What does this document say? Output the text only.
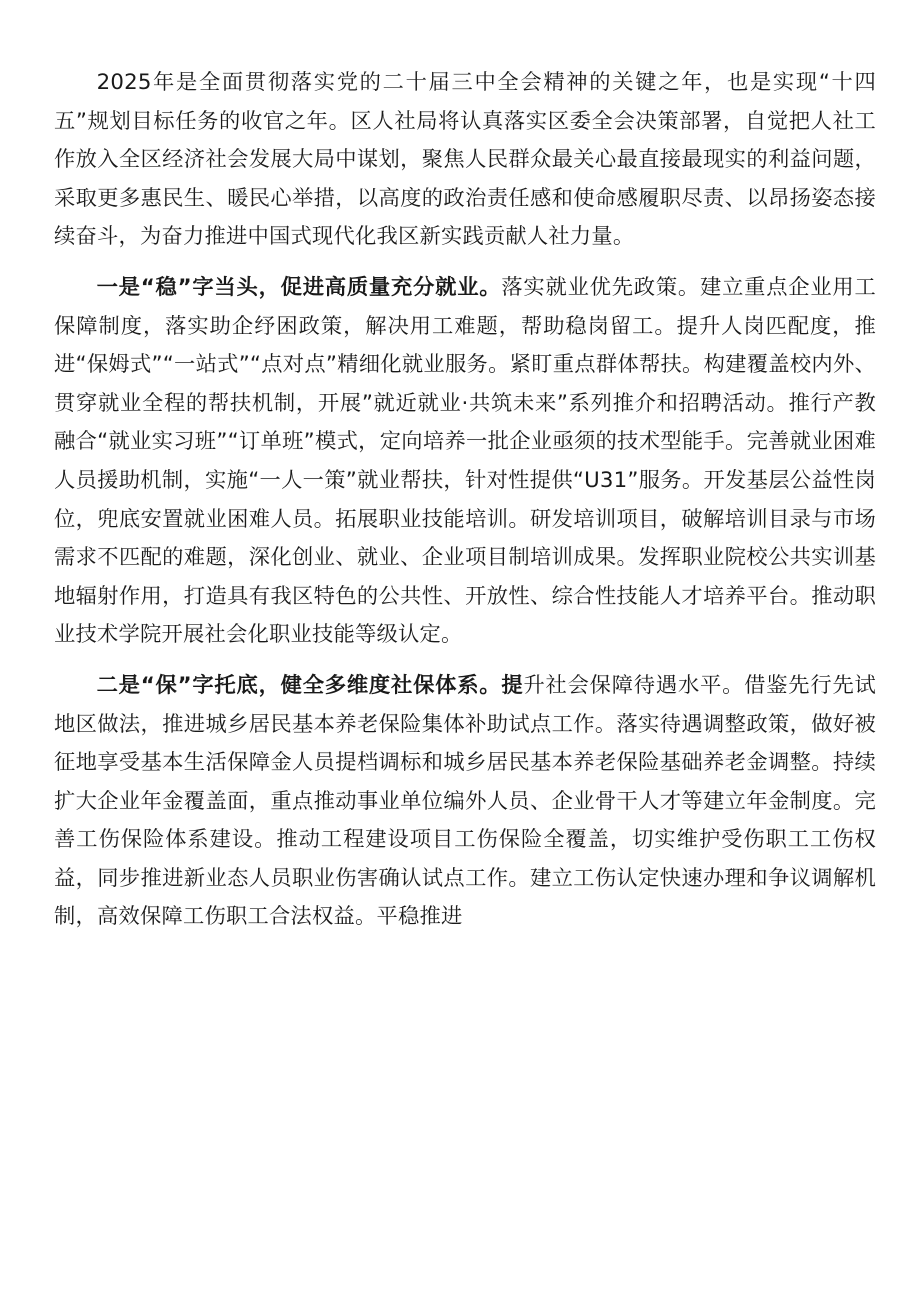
2025年是全面贯彻落实党的二十届三中全会精神的关键之年，也是实现“十四五”规划目标任务的收官之年。区人社局将认真落实区委全会决策部署，自觉把人社工作放入全区经济社会发展大局中谋划，聚焦人民群众最关心最直接最现实的利益问题，采取更多惠民生、暖民心举措，以高度的政治责任感和使命感履职尽责、以昂扬姿态接续奋斗，为奋力推进中国式现代化我区新实践贡献人社力量。

一是“稳”字当头，促进高质量充分就业。落实就业优先政策。建立重点企业用工保障制度，落实助企纾困政策，解决用工难题，帮助稳岗留工。提升人岗匹配度，推进“保姆式”“一站式”“点对点”精细化就业服务。紧盯重点群体帮扶。构建覆盖校内外、贯穿就业全程的帮扶机制，开展”就近就业·共筑未来”系列推介和招聘活动。推行产教融合“就业实习班”“订单班”模式，定向培养一批企业亟须的技术型能手。完善就业困难人员援助机制，实施“一人一策”就业帮扶，针对性提供“U31”服务。开发基层公益性岗位，兜底安置就业困难人员。拓展职业技能培训。研发培训项目，破解培训目录与市场需求不匹配的难题，深化创业、就业、企业项目制培训成果。发挥职业院校公共实训基地辐射作用，打造具有我区特色的公共性、开放性、综合性技能人才培养平台。推动职业技术学院开展社会化职业技能等级认定。

二是“保”字托底，健全多维度社保体系。提升社会保障待遇水平。借鉴先行先试地区做法，推进城乡居民基本养老保险集体补助试点工作。落实待遇调整政策，做好被征地享受基本生活保障金人员提档调标和城乡居民基本养老保险基础养老金调整。持续扩大企业年金覆盖面，重点推动事业单位编外人员、企业骨干人才等建立年金制度。完善工伤保险体系建设。推动工程建设项目工伤保险全覆盖，切实维护受伤职工工伤权益，同步推进新业态人员职业伤害确认试点工作。建立工伤认定快速办理和争议调解机制，高效保障工伤职工合法权益。平稳推进
